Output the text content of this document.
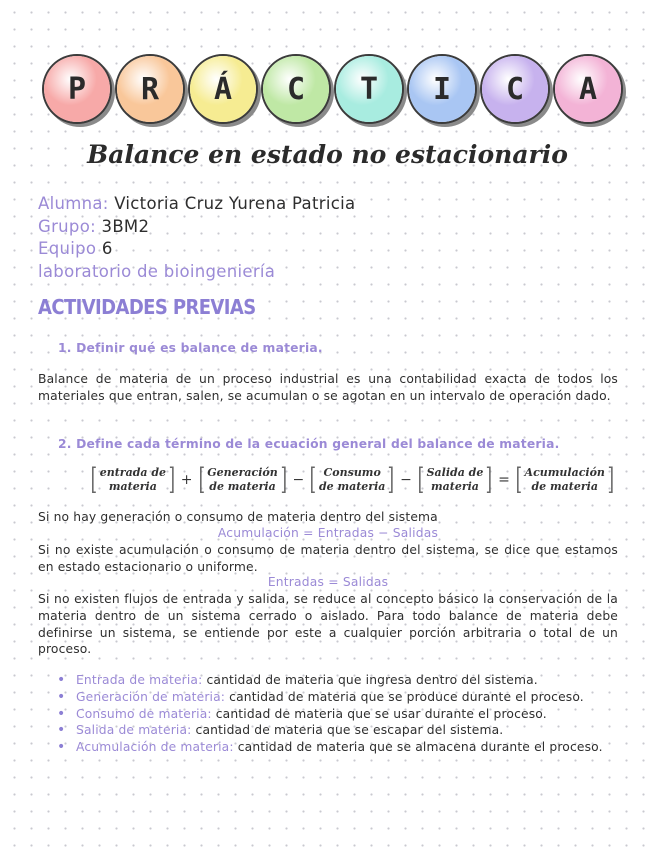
P	R	Á	C	T	I	C	A
Balance en estado no estacionario
Alumna: Victoria Cruz Yurena Patricia
Grupo: 3BM2
Equipo 6
laboratorio de bioingeniería
ACTIVIDADES PREVIAS
1. Definir qué es balance de materia.
Balance de materia de un proceso industrial es una contabilidad exacta de todos los materiales que entran, salen, se acumulan o se agotan en un intervalo de operación dado.
2. Define cada término de la ecuación general del balance de materia.
[ entrada de
materia ] + [ Generación
de materia ] − [ Consumo
de materia ] − [ Salida de
materia ] = [ Acumulación
de materia ]
Si no hay generación o consumo de materia dentro del sistema
Acumulación = Entradas − Salidas
Si no existe acumulación o consumo de materia dentro del sistema, se dice que estamos en estado estacionario o uniforme.
Entradas = Salidas
Si no existen flujos de entrada y salida, se reduce al concepto básico la conservación de la materia dentro de un sistema cerrado o aislado. Para todo balance de materia debe definirse un sistema, se entiende por este a cualquier porción arbitraria o total de un proceso.
• Entrada de materia: cantidad de materia que ingresa dentro del sistema.
• Generación de materia: cantidad de materia que se produce durante el proceso.
• Consumo de materia: cantidad de materia que se usar durante el proceso.
• Salida de materia: cantidad de materia que se escapar del sistema.
• Acumulación de materia: cantidad de materia que se almacena durante el proceso.
